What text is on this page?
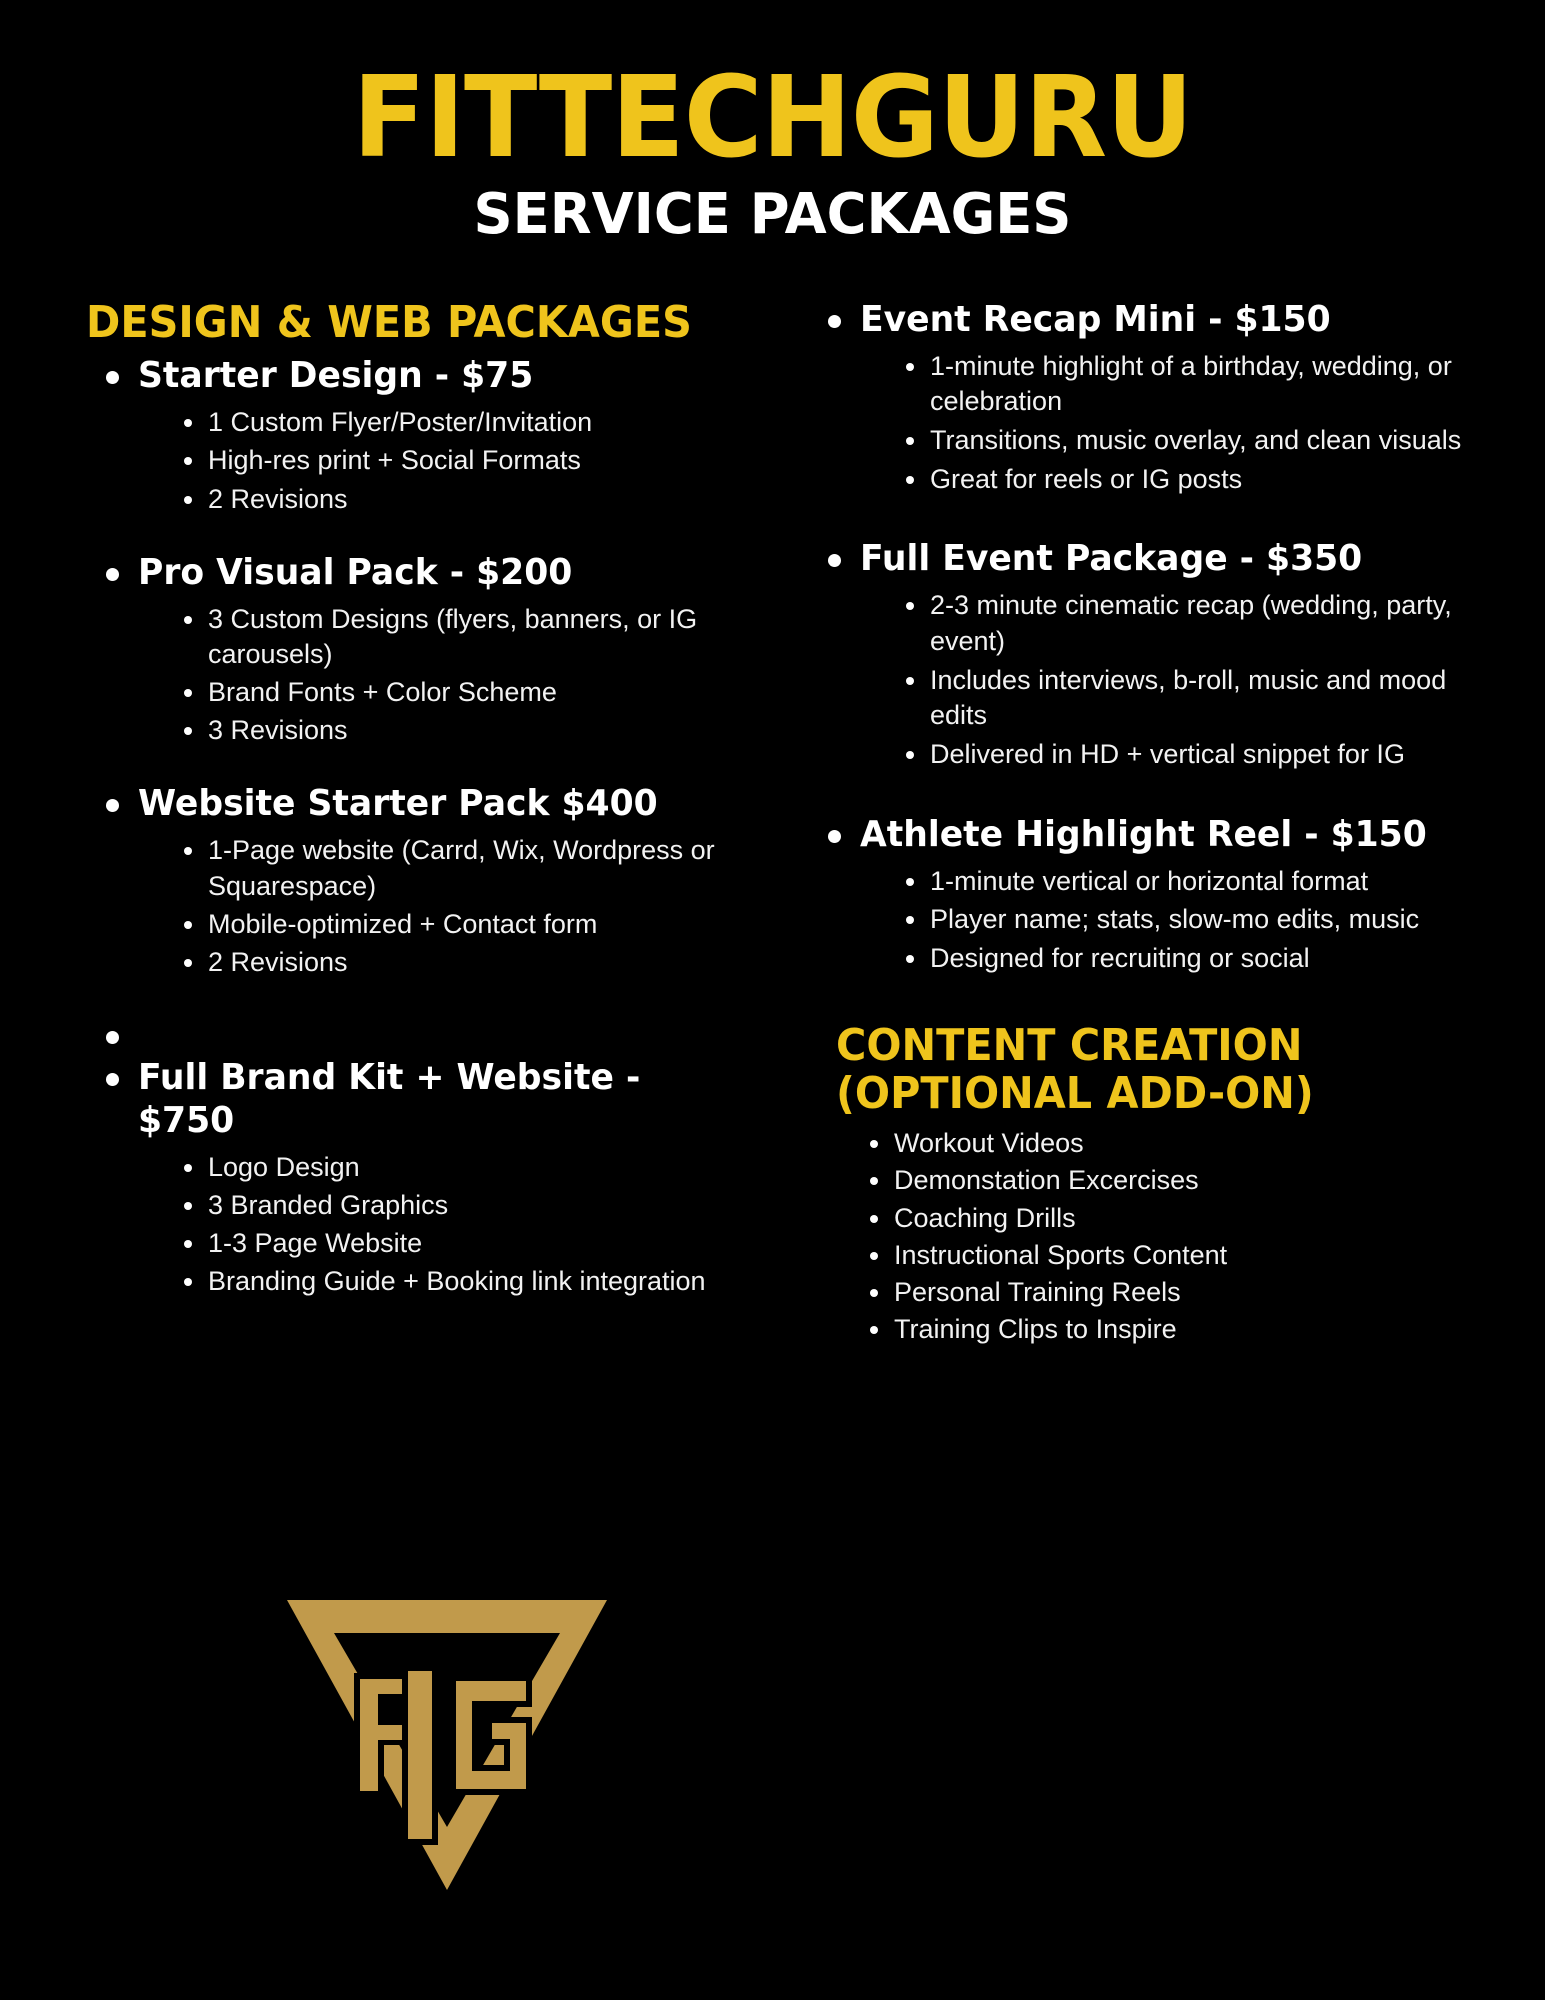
FITTECHGURU
SERVICE PACKAGES
DESIGN & WEB PACKAGES
Starter Design - $75
1 Custom Flyer/Poster/Invitation
High-res print + Social Formats
2 Revisions
Pro Visual Pack - $200
3 Custom Designs (flyers, banners, or IG carousels)
Brand Fonts + Color Scheme
3 Revisions
Website Starter Pack $400
1-Page website (Carrd, Wix, Wordpress or Squarespace)
Mobile-optimized + Contact form
2 Revisions
Full Brand Kit + Website - $750
Logo Design
3 Branded Graphics
1-3 Page Website
Branding Guide + Booking link integration
Event Recap Mini - $150
1-minute highlight of a birthday, wedding, or celebration
Transitions, music overlay, and clean visuals
Great for reels or IG posts
Full Event Package - $350
2-3 minute cinematic recap (wedding, party, event)
Includes interviews, b-roll, music and mood edits
Delivered in HD + vertical snippet for IG
Athlete Highlight Reel - $150
1-minute vertical or horizontal format
Player name; stats, slow-mo edits, music
Designed for recruiting or social
CONTENT CREATION
(OPTIONAL ADD-ON)
Workout Videos
Demonstation Excercises
Coaching Drills
Instructional Sports Content
Personal Training Reels
Training Clips to Inspire
